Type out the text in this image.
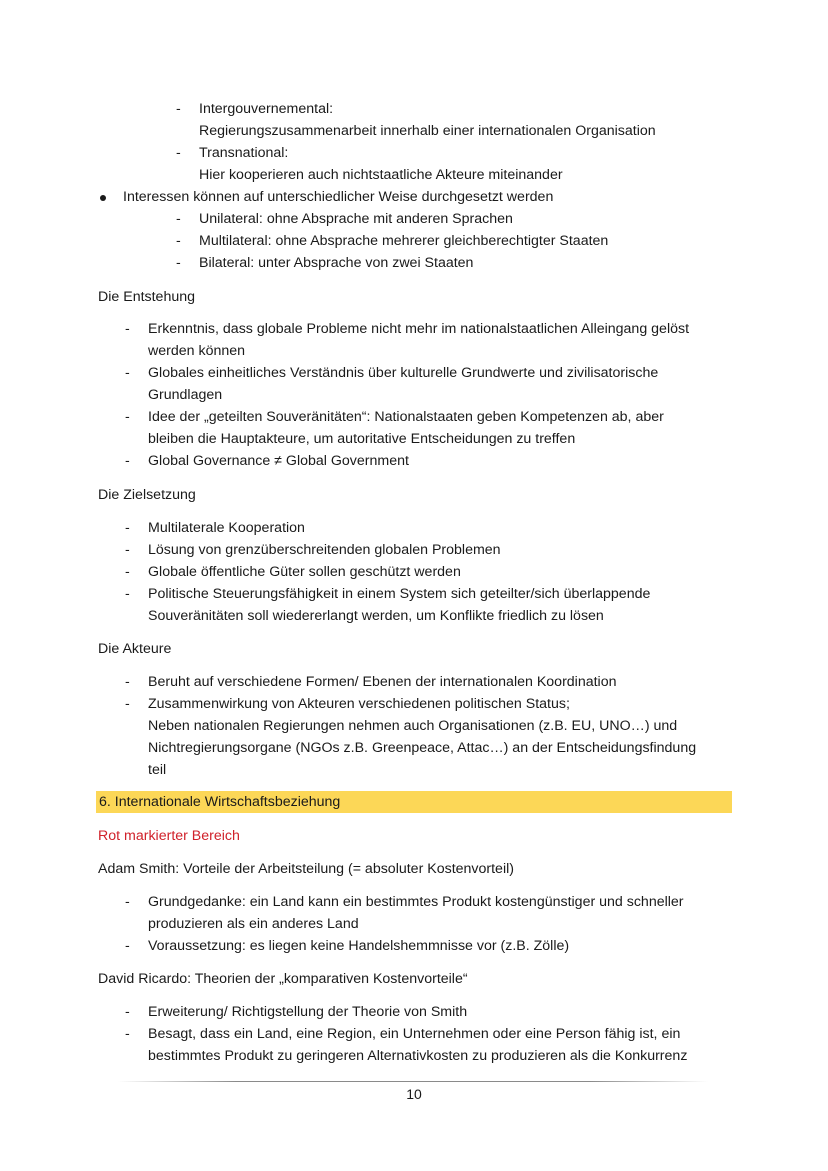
- Intergouvernemental:
Regierungszusammenarbeit innerhalb einer internationalen Organisation
- Transnational:
Hier kooperieren auch nichtstaatliche Akteure miteinander
Interessen können auf unterschiedlicher Weise durchgesetzt werden
- Unilateral: ohne Absprache mit anderen Sprachen
- Multilateral: ohne Absprache mehrerer gleichberechtigter Staaten
- Bilateral: unter Absprache von zwei Staaten
Die Entstehung
- Erkenntnis, dass globale Probleme nicht mehr im nationalstaatlichen Alleingang gelöst
werden können
- Globales einheitliches Verständnis über kulturelle Grundwerte und zivilisatorische
Grundlagen
- Idee der „geteilten Souveränitäten“: Nationalstaaten geben Kompetenzen ab, aber
bleiben die Hauptakteure, um autoritative Entscheidungen zu treffen
- Global Governance ≠ Global Government
Die Zielsetzung
- Multilaterale Kooperation
- Lösung von grenzüberschreitenden globalen Problemen
- Globale öffentliche Güter sollen geschützt werden
- Politische Steuerungsfähigkeit in einem System sich geteilter/sich überlappende
Souveränitäten soll wiedererlangt werden, um Konflikte friedlich zu lösen
Die Akteure
- Beruht auf verschiedene Formen/ Ebenen der internationalen Koordination
- Zusammenwirkung von Akteuren verschiedenen politischen Status;
Neben nationalen Regierungen nehmen auch Organisationen (z.B. EU, UNO…) und
Nichtregierungsorgane (NGOs z.B. Greenpeace, Attac…) an der Entscheidungsfindung
teil
6. Internationale Wirtschaftsbeziehung
Rot markierter Bereich
Adam Smith: Vorteile der Arbeitsteilung (= absoluter Kostenvorteil)
- Grundgedanke: ein Land kann ein bestimmtes Produkt kostengünstiger und schneller
produzieren als ein anderes Land
- Voraussetzung: es liegen keine Handelshemmnisse vor (z.B. Zölle)
David Ricardo: Theorien der „komparativen Kostenvorteile“
- Erweiterung/ Richtigstellung der Theorie von Smith
- Besagt, dass ein Land, eine Region, ein Unternehmen oder eine Person fähig ist, ein
bestimmtes Produkt zu geringeren Alternativkosten zu produzieren als die Konkurrenz
10
